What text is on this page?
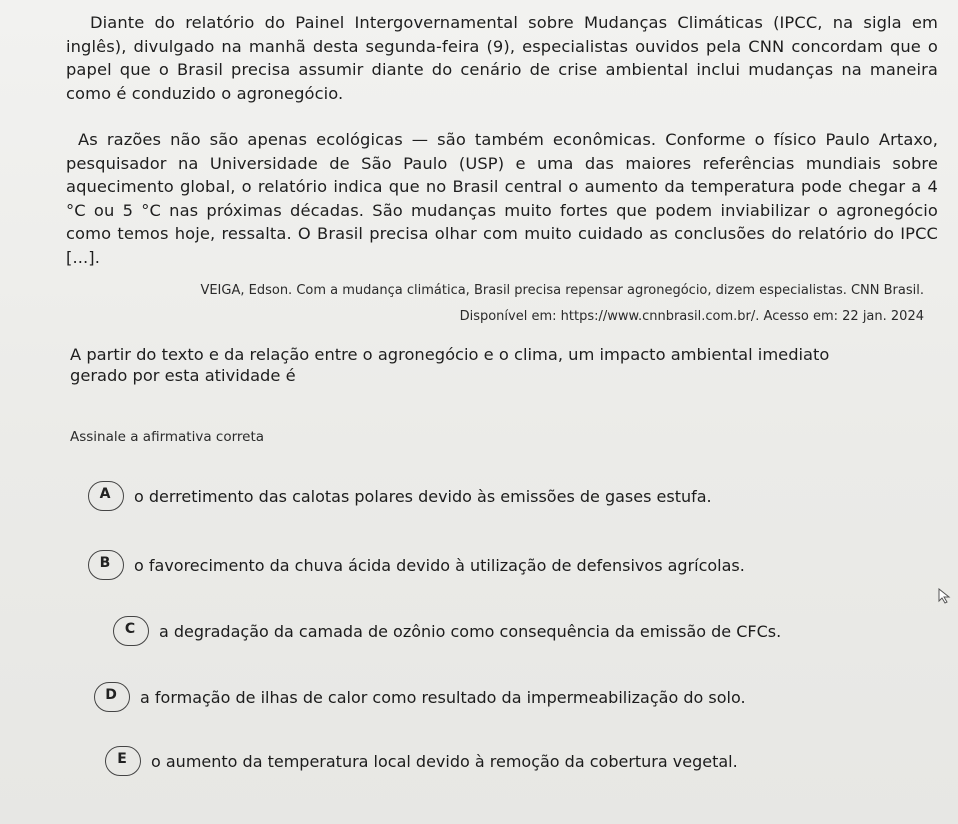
Diante do relatório do Painel Intergovernamental sobre Mudanças Climáticas (IPCC, na sigla em inglês), divulgado na manhã desta segunda-feira (9), especialistas ouvidos pela CNN concordam que o papel que o Brasil precisa assumir diante do cenário de crise ambiental inclui mudanças na maneira como é conduzido o agronegócio.

As razões não são apenas ecológicas — são também econômicas. Conforme o físico Paulo Artaxo, pesquisador na Universidade de São Paulo (USP) e uma das maiores referências mundiais sobre aquecimento global, o relatório indica que no Brasil central o aumento da temperatura pode chegar a 4 °C ou 5 °C nas próximas décadas. São mudanças muito fortes que podem inviabilizar o agronegócio como temos hoje, ressalta. O Brasil precisa olhar com muito cuidado as conclusões do relatório do IPCC [...].

VEIGA, Edson. Com a mudança climática, Brasil precisa repensar agronegócio, dizem especialistas. CNN Brasil.
Disponível em: https://www.cnnbrasil.com.br/. Acesso em: 22 jan. 2024

A partir do texto e da relação entre o agronegócio e o clima, um impacto ambiental imediato gerado por esta atividade é

Assinale a afirmativa correta
A	o derretimento das calotas polares devido às emissões de gases estufa.
B	o favorecimento da chuva ácida devido à utilização de defensivos agrícolas.
C	a degradação da camada de ozônio como consequência da emissão de CFCs.
D	a formação de ilhas de calor como resultado da impermeabilização do solo.
E	o aumento da temperatura local devido à remoção da cobertura vegetal.
